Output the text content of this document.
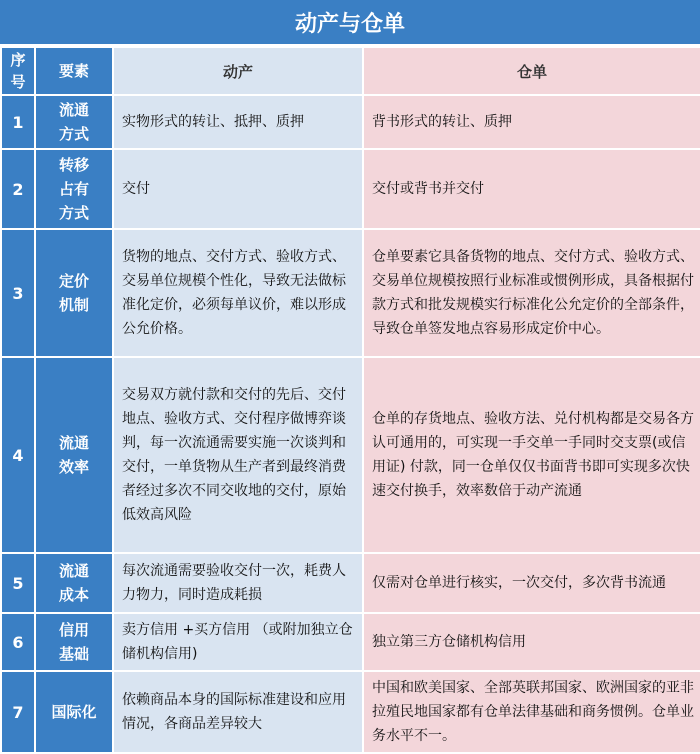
动产与仓单
序号	要素	动产	仓单
1	流通方式	实物形式的转让、抵押、质押	背书形式的转让、质押
2	转移占有方式	交付	交付或背书并交付
3	定价机制	货物的地点、交付方式、验收方式、交易单位规模个性化，导致无法做标准化定价，必须每单议价，难以形成公允价格。	仓单要素它具备货物的地点、交付方式、验收方式、交易单位规模按照行业标准或惯例形成，具备根据付款方式和批发规模实行标准化公允定价的全部条件，导致仓单签发地点容易形成定价中心。
4	流通效率	交易双方就付款和交付的先后、交付地点、验收方式、交付程序做博弈谈判，每一次流通需要实施一次谈判和交付，一单货物从生产者到最终消费者经过多次不同交收地的交付，原始低效高风险	仓单的存货地点、验收方法、兑付机构都是交易各方认可通用的，可实现一手交单一手同时交支票(或信用证) 付款，同一仓单仅仅书面背书即可实现多次快速交付换手，效率数倍于动产流通
5	流通成本	每次流通需要验收交付一次，耗费人力物力，同时造成耗损	仅需对仓单进行核实，一次交付，多次背书流通
6	信用基础	卖方信用 +买方信用 （或附加独立仓储机构信用)	独立第三方仓储机构信用
7	国际化	依赖商品本身的国际标准建设和应用情况，各商品差异较大	中国和欧美国家、全部英联邦国家、欧洲国家的亚非拉殖民地国家都有仓单法律基础和商务惯例。仓单业务水平不一。
